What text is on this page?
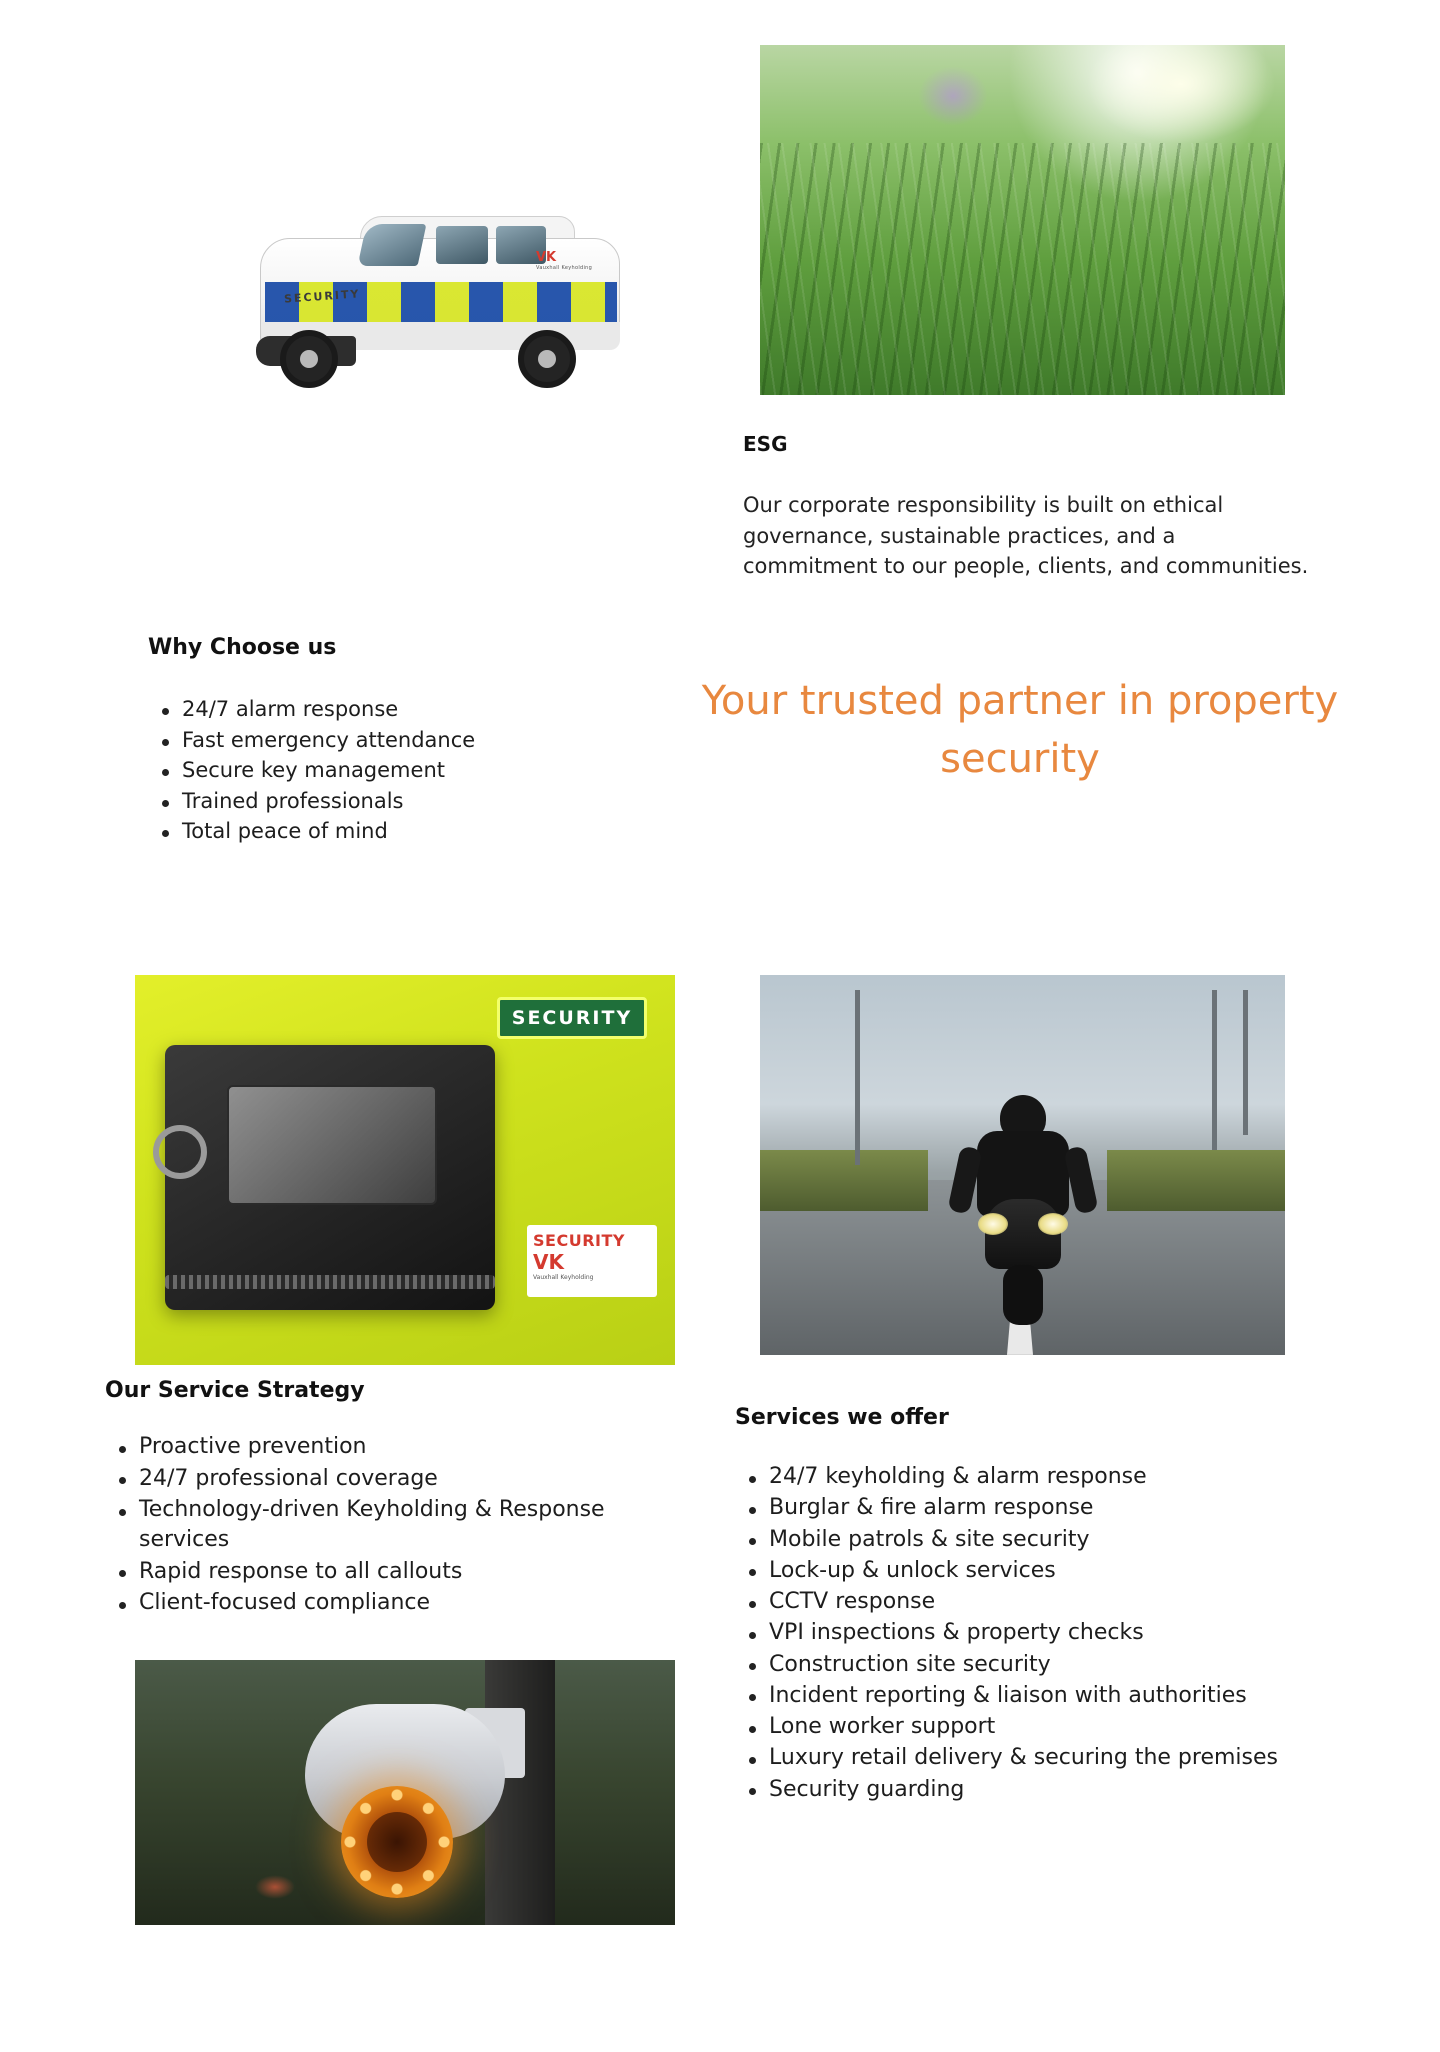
SECURITY
VK
Vauxhall Keyholding
ESG
Our corporate responsibility is built on ethical governance, sustainable practices, and a commitment to our people, clients, and communities.
Your trusted partner in property security
Why Choose us
24/7 alarm response
Fast emergency attendance
Secure key management
Trained professionals
Total peace of mind
SECURITY
SECURITY
VK
Vauxhall Keyholding
Our Service Strategy
Proactive prevention
24/7 professional coverage
Technology-driven Keyholding & Response services
Rapid response to all callouts
Client-focused compliance
Services we offer
24/7 keyholding & alarm response
Burglar & fire alarm response
Mobile patrols & site security
Lock-up & unlock services
CCTV response
VPI inspections & property checks
Construction site security
Incident reporting & liaison with authorities
Lone worker support
Luxury retail delivery & securing the premises
Security guarding
